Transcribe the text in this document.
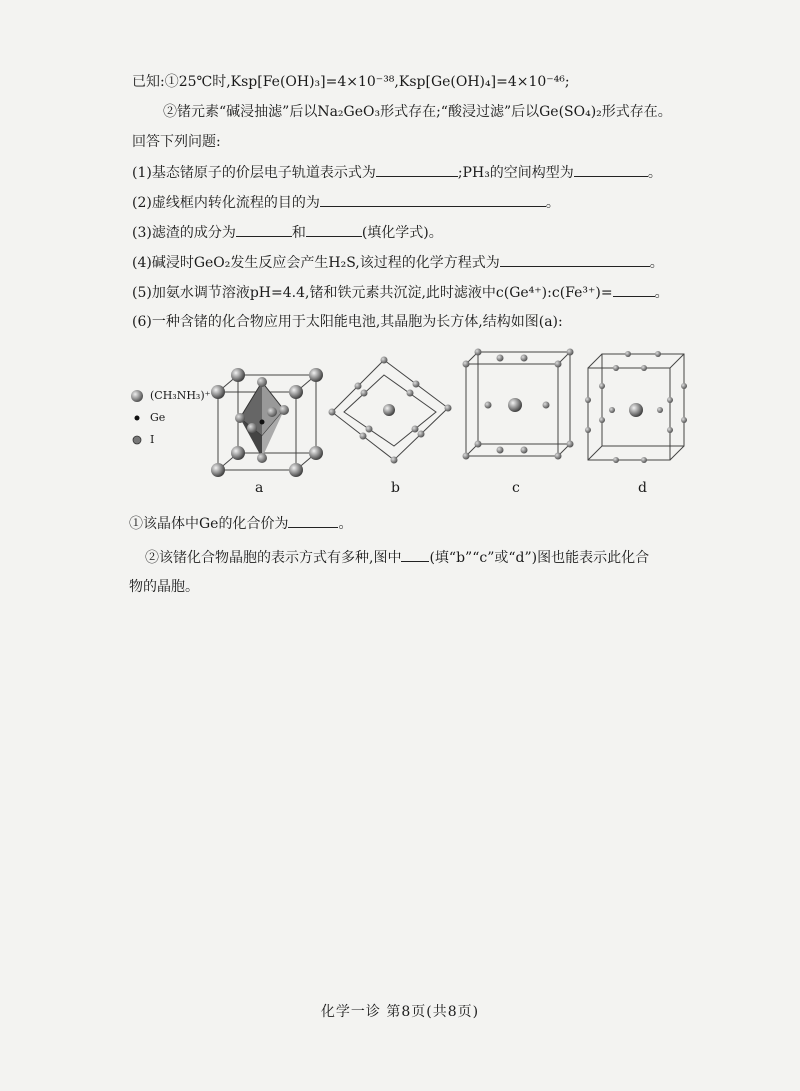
已知:①25℃时,Ksp[Fe(OH)₃]=4×10⁻³⁸,Ksp[Ge(OH)₄]=4×10⁻⁴⁶;
②锗元素“碱浸抽滤”后以Na₂GeO₃形式存在;“酸浸过滤”后以Ge(SO₄)₂形式存在。
回答下列问题:
(1)基态锗原子的价层电子轨道表示式为	;PH₃的空间构型为	。
(2)虚线框内转化流程的目的为	。
(3)滤渣的成分为	和	(填化学式)。
(4)碱浸时GeO₂发生反应会产生H₂S,该过程的化学方程式为	。
(5)加氨水调节溶液pH=4.4,锗和铁元素共沉淀,此时滤液中c(Ge⁴⁺):c(Fe³⁺)=	。
(6)一种含锗的化合物应用于太阳能电池,其晶胞为长方体,结构如图(a):
(CH₃NH₃)⁺
Ge
I
a	b	c	d
①该晶体中Ge的化合价为	。
②该锗化合物晶胞的表示方式有多种,图中 (填“b”“c”或“d”)图也能表示此化合
物的晶胞。
化学一诊 第8页(共8页)
